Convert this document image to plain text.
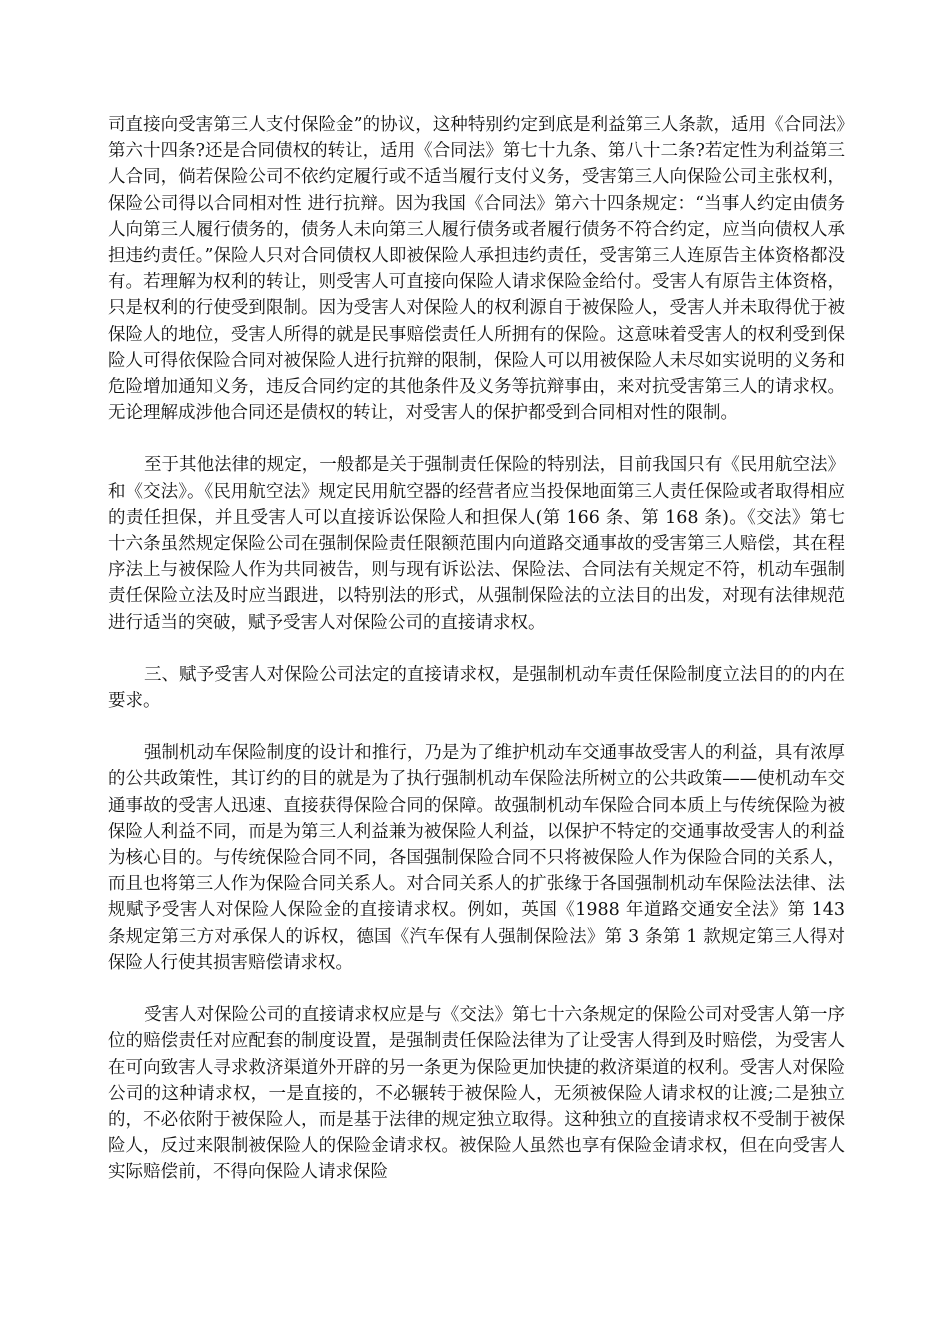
司直接向受害第三人支付保险金”的协议，这种特别约定到底是利益第三人条款，适用《合同法》第六十四条?还是合同债权的转让，适用《合同法》第七十九条、第八十二条?若定性为利益第三人合同，倘若保险公司不依约定履行或不适当履行支付义务，受害第三人向保险公司主张权利，保险公司得以合同相对性 进行抗辩。因为我国《合同法》第六十四条规定：“当事人约定由债务人向第三人履行债务的，债务人未向第三人履行债务或者履行债务不符合约定，应当向债权人承担违约责任。”保险人只对合同债权人即被保险人承担违约责任，受害第三人连原告主体资格都没有。若理解为权利的转让，则受害人可直接向保险人请求保险金给付。受害人有原告主体资格，只是权利的行使受到限制。因为受害人对保险人的权利源自于被保险人，受害人并未取得优于被保险人的地位，受害人所得的就是民事赔偿责任人所拥有的保险。这意味着受害人的权利受到保险人可得依保险合同对被保险人进行抗辩的限制，保险人可以用被保险人未尽如实说明的义务和危险增加通知义务，违反合同约定的其他条件及义务等抗辩事由，来对抗受害第三人的请求权。无论理解成涉他合同还是债权的转让，对受害人的保护都受到合同相对性的限制。

至于其他法律的规定，一般都是关于强制责任保险的特别法，目前我国只有《民用航空法》和《交法》。《民用航空法》规定民用航空器的经营者应当投保地面第三人责任保险或者取得相应的责任担保，并且受害人可以直接诉讼保险人和担保人(第 166 条、第 168 条)。《交法》第七十六条虽然规定保险公司在强制保险责任限额范围内向道路交通事故的受害第三人赔偿，其在程序法上与被保险人作为共同被告，则与现有诉讼法、保险法、合同法有关规定不符，机动车强制责任保险立法及时应当跟进，以特别法的形式，从强制保险法的立法目的出发，对现有法律规范进行适当的突破，赋予受害人对保险公司的直接请求权。

三、赋予受害人对保险公司法定的直接请求权，是强制机动车责任保险制度立法目的的内在要求。

强制机动车保险制度的设计和推行，乃是为了维护机动车交通事故受害人的利益，具有浓厚的公共政策性，其订约的目的就是为了执行强制机动车保险法所树立的公共政策——使机动车交通事故的受害人迅速、直接获得保险合同的保障。故强制机动车保险合同本质上与传统保险为被保险人利益不同，而是为第三人利益兼为被保险人利益，以保护不特定的交通事故受害人的利益为核心目的。与传统保险合同不同，各国强制保险合同不只将被保险人作为保险合同的关系人，而且也将第三人作为保险合同关系人。对合同关系人的扩张缘于各国强制机动车保险法法律、法规赋予受害人对保险人保险金的直接请求权。例如，英国《1988 年道路交通安全法》第 143 条规定第三方对承保人的诉权，德国《汽车保有人强制保险法》第 3 条第 1 款规定第三人得对保险人行使其损害赔偿请求权。

受害人对保险公司的直接请求权应是与《交法》第七十六条规定的保险公司对受害人第一序位的赔偿责任对应配套的制度设置，是强制责任保险法律为了让受害人得到及时赔偿，为受害人在可向致害人寻求救济渠道外开辟的另一条更为保险更加快捷的救济渠道的权利。受害人对保险公司的这种请求权，一是直接的，不必辗转于被保险人，无须被保险人请求权的让渡;二是独立的，不必依附于被保险人，而是基于法律的规定独立取得。这种独立的直接请求权不受制于被保险人，反过来限制被保险人的保险金请求权。被保险人虽然也享有保险金请求权，但在向受害人实际赔偿前，不得向保险人请求保险
